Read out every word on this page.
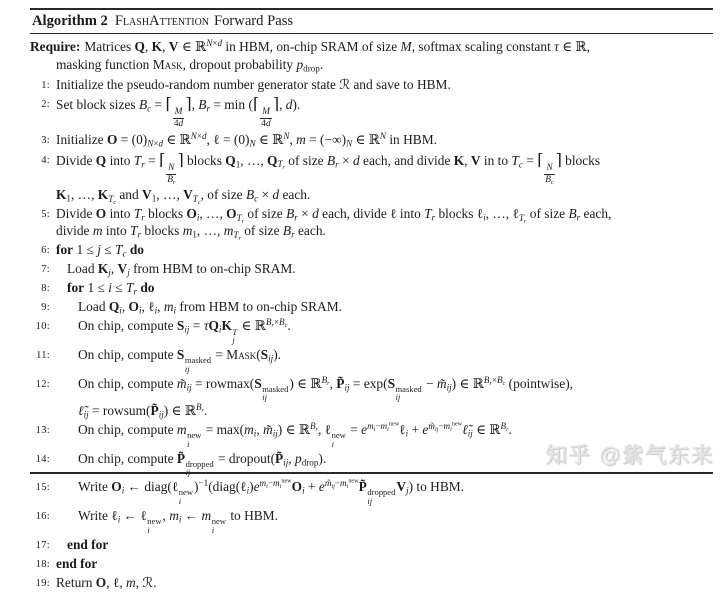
Algorithm 2 FlashAttention Forward Pass
Require: Matrices Q, K, V ∈ ℝ$^{N\times d}$ in HBM, on-chip SRAM of size M, softmax scaling constant τ ∈ ℝ,
masking function Mask, dropout probability $p_{drop}$.
1: Initialize the pseudo-random number generator state ℛ and save to HBM.
2: Set block sizes $B_c$ = ⌈
$\frac{M}{4d}$
⌉, $B_r = \min$ (⌈
$\frac{M}{4d}$
⌉, d).
3: Initialize $O = (0)_{N\times d}$ ∈ ℝ$^{N\times d}$, ℓ = $(0)_N$ ∈ ℝ$^N$, $m = (-\infty)_N$ ∈ ℝ$^N$ in HBM.
4: Divide Q into $T_r$ = ⌈
$\frac{N}{B_r}$
⌉ blocks $Q_1$, …, $Q_{T_r}$ of size $B_r \times d$ each, and divide K, V in to $T_c$ = ⌈
$\frac{N}{B_c}$
⌉ blocks
$K_1$, …, $K_{T_c}$ and $V_1$, …, $V_{T_c}$, of size $B_c \times d$ each.
5: Divide O into $T_r$ blocks $O_i$, …, $O_{T_r}$ of size $B_r \times d$ each, divide ℓ into $T_r$ blocks ℓ$_i$, …, ℓ$_{T_r}$ of size $B_r$ each,
divide m into $T_r$ blocks $m_1$, …, $m_{T_r}$ of size $B_r$ each.
6: for $1 \le j \le T_c$ do
7: Load $K_j$, $V_j$ from HBM to on-chip SRAM.
8: for $1 \le i \le T_r$ do
9: Load $Q_i$, $O_i$, ℓ$_i$, $m_i$ from HBM to on-chip SRAM.
10: On chip, compute $S_{ij} = \tau Q_iK$ T
j
∈ ℝ$^{B_r\times B_c}$.
11: On chip, compute S masked
ij
= $Mask(S_{ij})$.
12: On chip, compute $m̃_{ij} = rowmax(S$ masked
ij
) ∈ ℝ$^{B_r}$, $P̃_{ij} = \exp(S$ masked
ij
− $m̃_{ij}$) ∈ ℝ$^{B_r\times B_c}$ (pointwise),
$\ell̃_{ij}$ = $rowsum(P̃_{ij})$ ∈ ℝ$^{B_r}$.
13: On chip, compute m new
i
= $\max(m_i$, $m̃_{ij}$) ∈ ℝ$^{B_r}$, ℓ new
i
= $e^{m_i-m_i^{new}}\ell_i$ + $e^{m̃_{ij}-m_i^{new}}\ell̃_{ij}$ ∈ ℝ$^{B_r}$.
14: On chip, compute P̃ dropped = $dropout(P̃_{ij}$, $p_{drop}$).
15: Write $O_i$ ← diag(ℓ new
i
)$^{-1}(diag(\ell_i)e^{m_i-m_i^{new}}O_i$ + $e^{m̃_{ij}-m_i^{new}}P̃$ dropped
ij
$V_j$) to HBM.
16: Write ℓ$_i$ ← ℓ new
i
, $m_i$ ← m new
i
to HBM.
17: end for
18: end for
19: Return O, ℓ, m, ℛ.
知乎 @紫气东来
